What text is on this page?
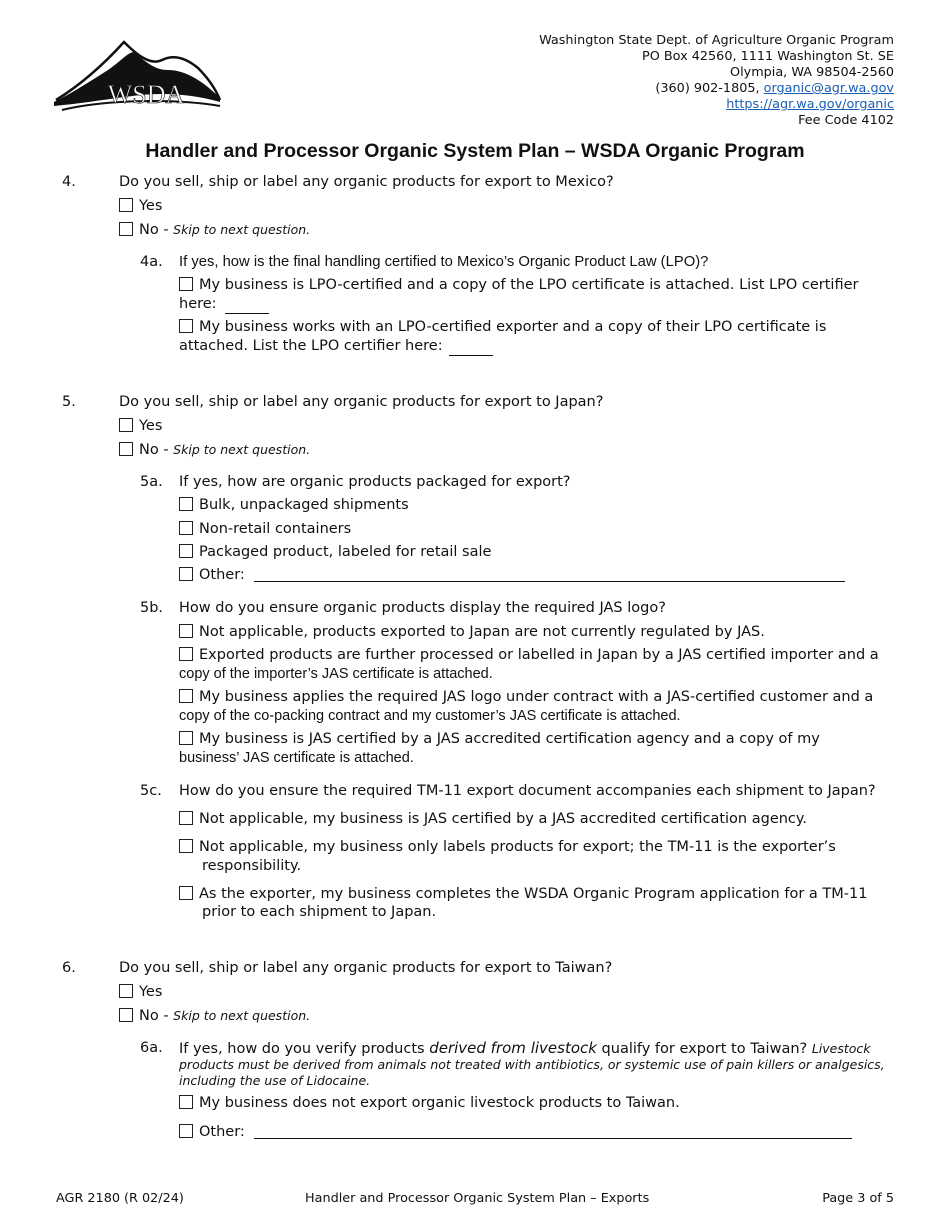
WSDA
Washington State Dept. of Agriculture Organic Program
PO Box 42560, 1111 Washington St. SE
Olympia, WA 98504-2560
(360) 902-1805, organic@agr.wa.gov
https://agr.wa.gov/organic
Fee Code 4102
Handler and Processor Organic System Plan – WSDA Organic Program
4.	Do you sell, ship or label any organic products for export to Mexico?
Yes
No - Skip to next question.
4a. If yes, how is the final handling certified to Mexico’s Organic Product Law (LPO)?
My business is LPO-certified and a copy of the LPO certificate is attached. List LPO certifier
here:
My business works with an LPO-certified exporter and a copy of their LPO certificate is
attached. List the LPO certifier here:
5.	Do you sell, ship or label any organic products for export to Japan?
Yes
No - Skip to next question.
5a. If yes, how are organic products packaged for export?
Bulk, unpackaged shipments
Non-retail containers
Packaged product, labeled for retail sale
Other:
5b. How do you ensure organic products display the required JAS logo?
Not applicable, products exported to Japan are not currently regulated by JAS.
Exported products are further processed or labelled in Japan by a JAS certified importer and a
copy of the importer’s JAS certificate is attached.
My business applies the required JAS logo under contract with a JAS-certified customer and a
copy of the co-packing contract and my customer’s JAS certificate is attached.
My business is JAS certified by a JAS accredited certification agency and a copy of my
business’ JAS certificate is attached.
5c. How do you ensure the required TM-11 export document accompanies each shipment to Japan?
Not applicable, my business is JAS certified by a JAS accredited certification agency.
Not applicable, my business only labels products for export; the TM-11 is the exporter’s
responsibility.
As the exporter, my business completes the WSDA Organic Program application for a TM-11
prior to each shipment to Japan.
6.	Do you sell, ship or label any organic products for export to Taiwan?
Yes
No - Skip to next question.
6a. If yes, how do you verify products derived from livestock qualify for export to Taiwan? Livestock
products must be derived from animals not treated with antibiotics, or systemic use of pain killers or analgesics,
including the use of Lidocaine.
My business does not export organic livestock products to Taiwan.
Other:
AGR 2180 (R 02/24)	Handler and Processor Organic System Plan – Exports	Page 3 of 5
